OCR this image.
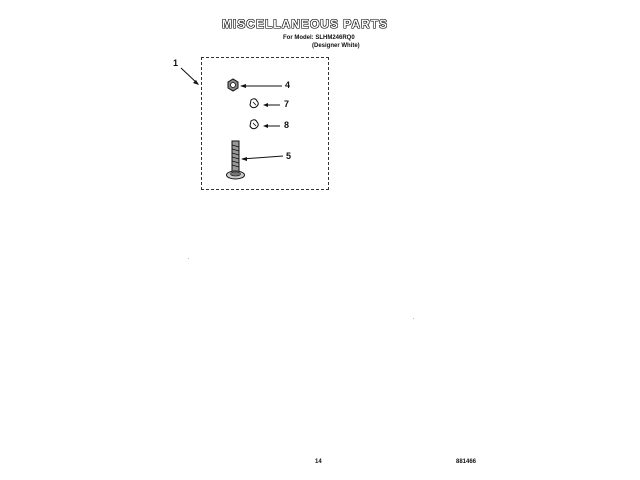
MISCELLANEOUS PARTS
For Model: SLHM246RQ0
(Designer White)
1
4
7
8
5
14	881466
